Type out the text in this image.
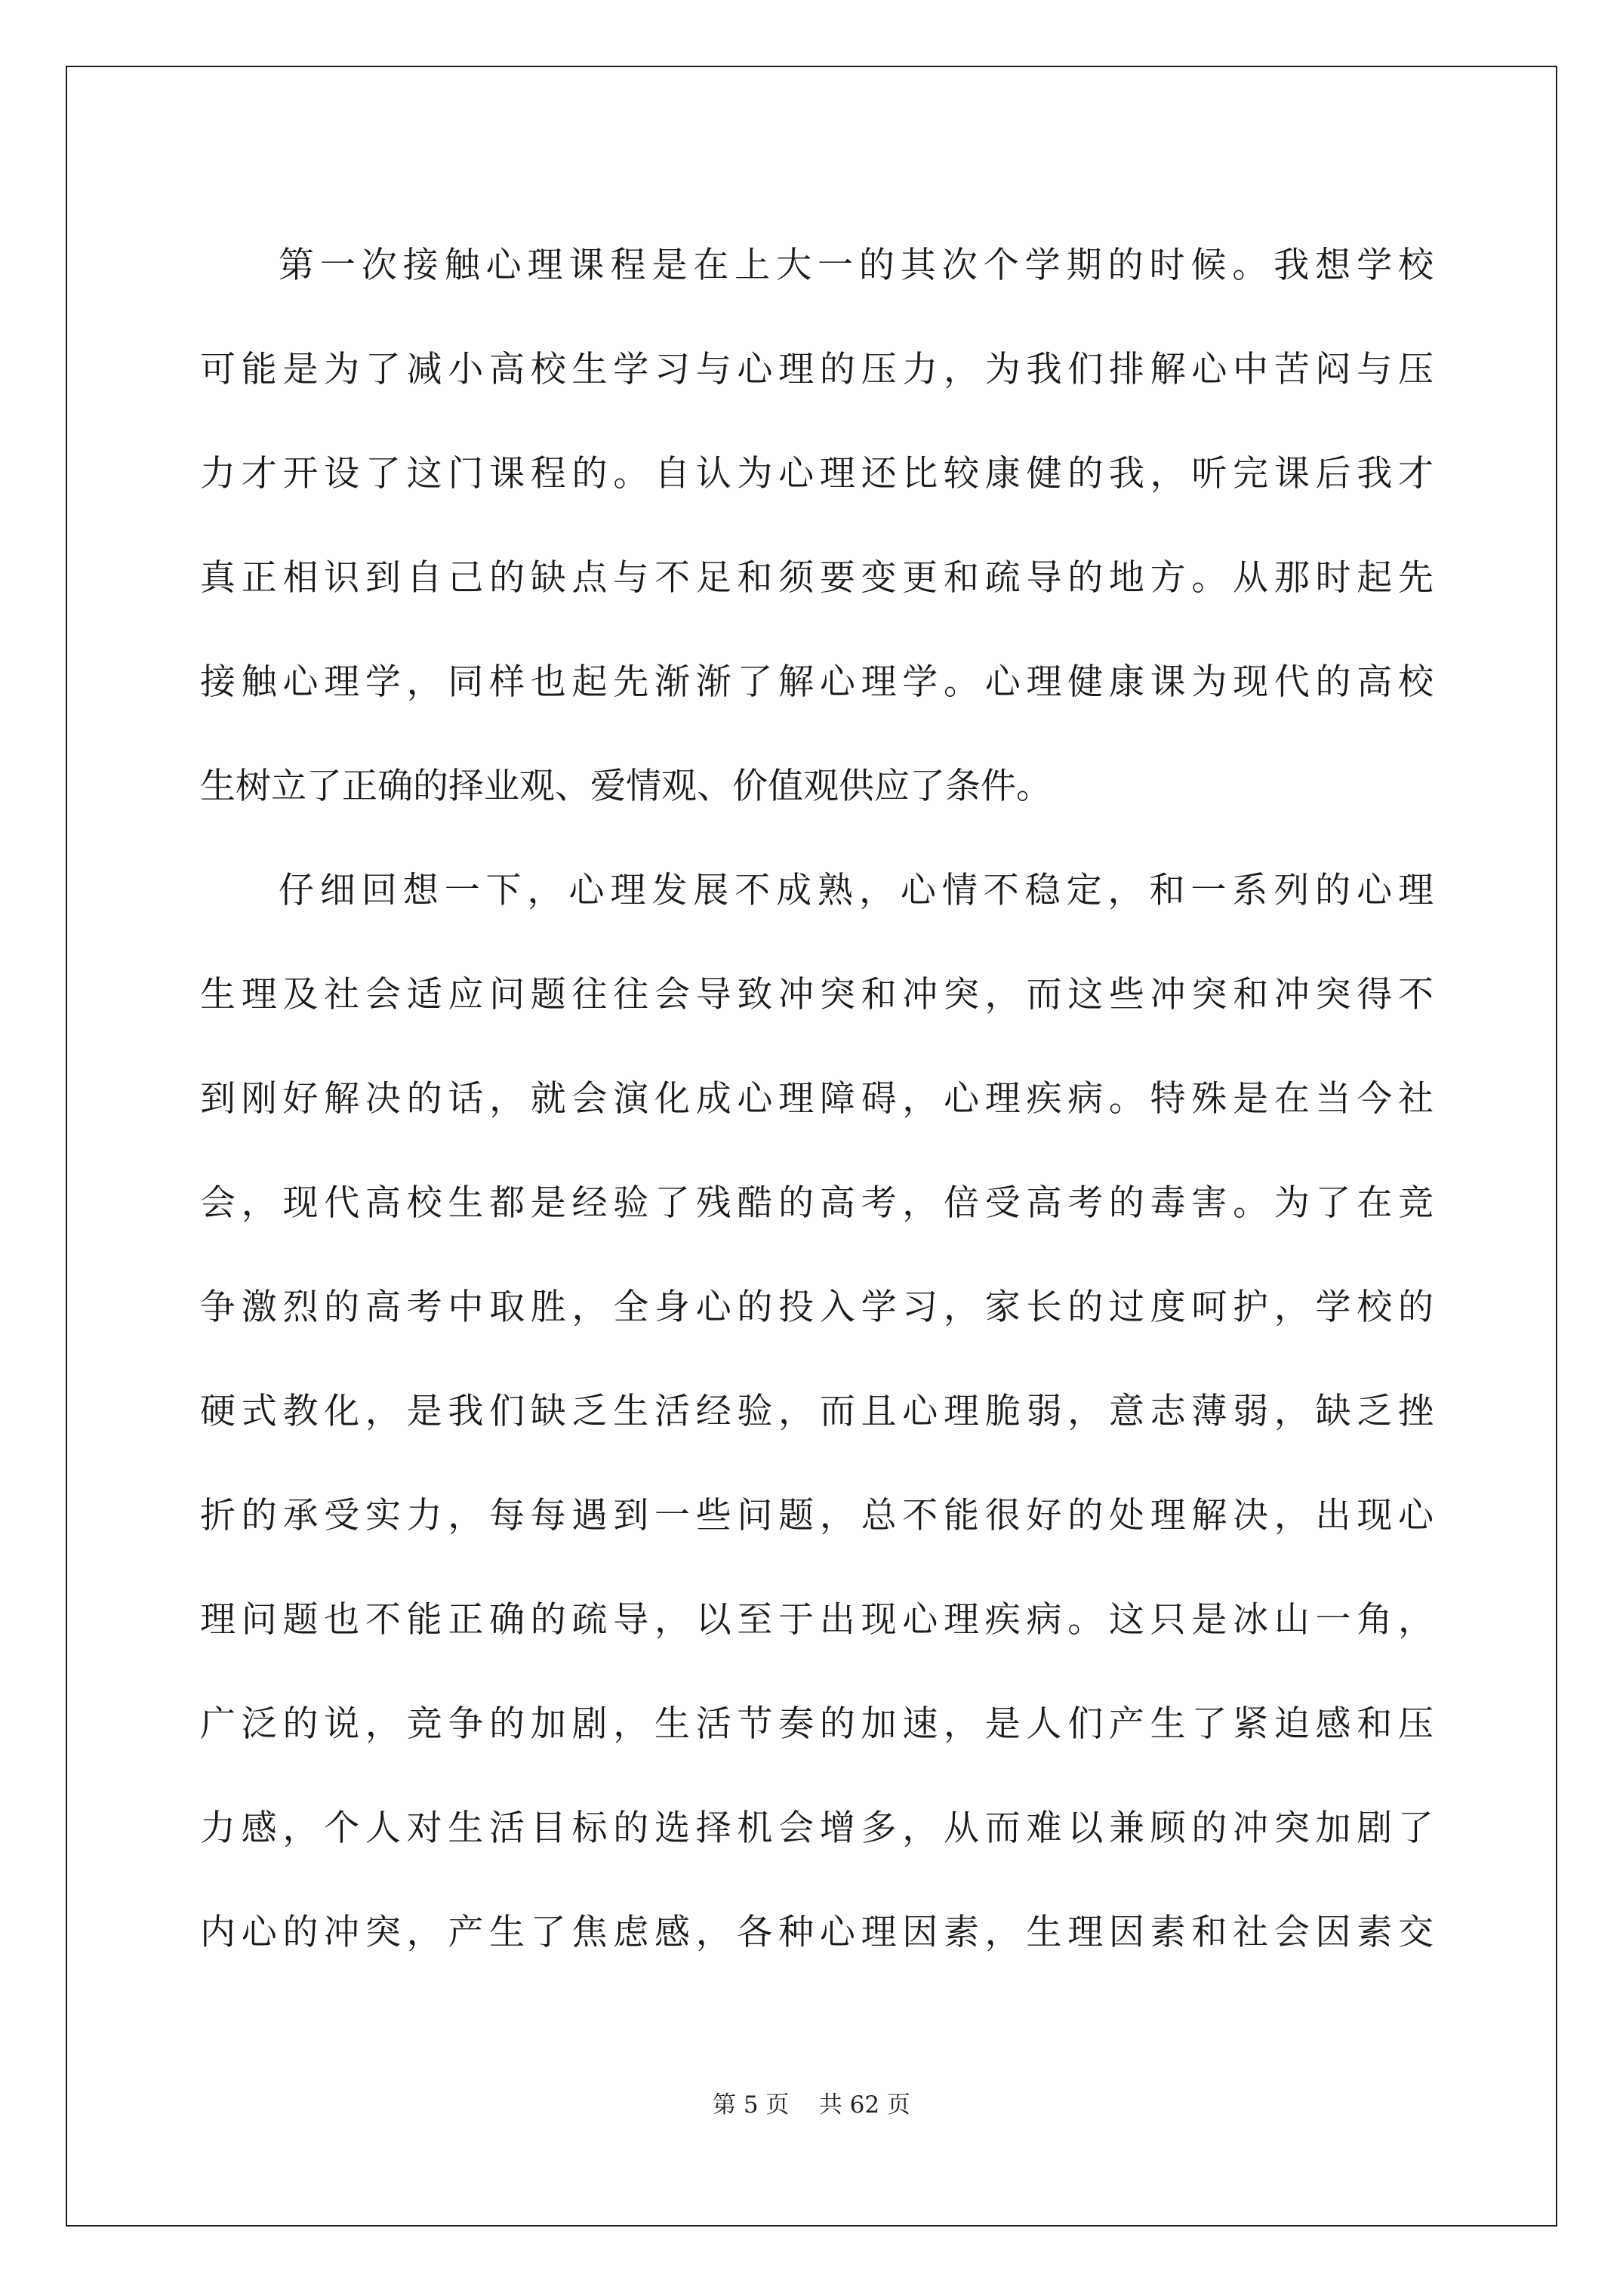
第一次接触心理课程是在上大一的其次个学期的时候。我想学校
可能是为了减小高校生学习与心理的压力，为我们排解心中苦闷与压
力才开设了这门课程的。自认为心理还比较康健的我，听完课后我才
真正相识到自己的缺点与不足和须要变更和疏导的地方。从那时起先
接触心理学，同样也起先渐渐了解心理学。心理健康课为现代的高校
生树立了正确的择业观、爱情观、价值观供应了条件。
仔细回想一下，心理发展不成熟，心情不稳定，和一系列的心理
生理及社会适应问题往往会导致冲突和冲突，而这些冲突和冲突得不
到刚好解决的话，就会演化成心理障碍，心理疾病。特殊是在当今社
会，现代高校生都是经验了残酷的高考，倍受高考的毒害。为了在竞
争激烈的高考中取胜，全身心的投入学习，家长的过度呵护，学校的
硬式教化，是我们缺乏生活经验，而且心理脆弱，意志薄弱，缺乏挫
折的承受实力，每每遇到一些问题，总不能很好的处理解决，出现心
理问题也不能正确的疏导，以至于出现心理疾病。这只是冰山一角，
广泛的说，竞争的加剧，生活节奏的加速，是人们产生了紧迫感和压
力感，个人对生活目标的选择机会增多，从而难以兼顾的冲突加剧了
内心的冲突，产生了焦虑感，各种心理因素，生理因素和社会因素交
第 5 页    共 62 页
